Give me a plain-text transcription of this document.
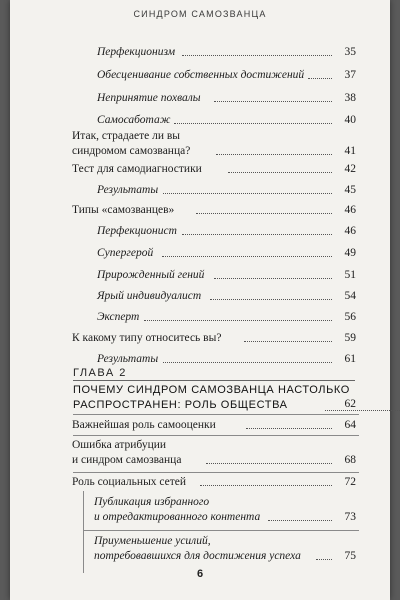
СИНДРОМ САМОЗВАНЦА
Перфекционизм	35
Обесценивание собственных достижений	37
Непринятие похвалы	38
Самосаботаж	40
Итак, страдаете ли вы
синдромом самозванца?	41
Тест для самодиагностики	42
Результаты	45
Типы «самозванцев»	46
Перфекционист	46
Супергерой	49
Прирожденный гений	51
Ярый индивидуалист	54
Эксперт	56
К какому типу относитесь вы?	59
Результаты	61
ГЛАВА 2
ПОЧЕМУ СИНДРОМ САМОЗВАНЦА НАСТОЛЬКО
РАСПРОСТРАНЕН: РОЛЬ ОБЩЕСТВА	62
Важнейшая роль самооценки	64
Ошибка атрибуции
и синдром самозванца	68
Роль социальных сетей	72
Публикация избранного
и отредактированного контента	73
Приуменьшение усилий,
потребовавшихся для достижения успеха	75
6
